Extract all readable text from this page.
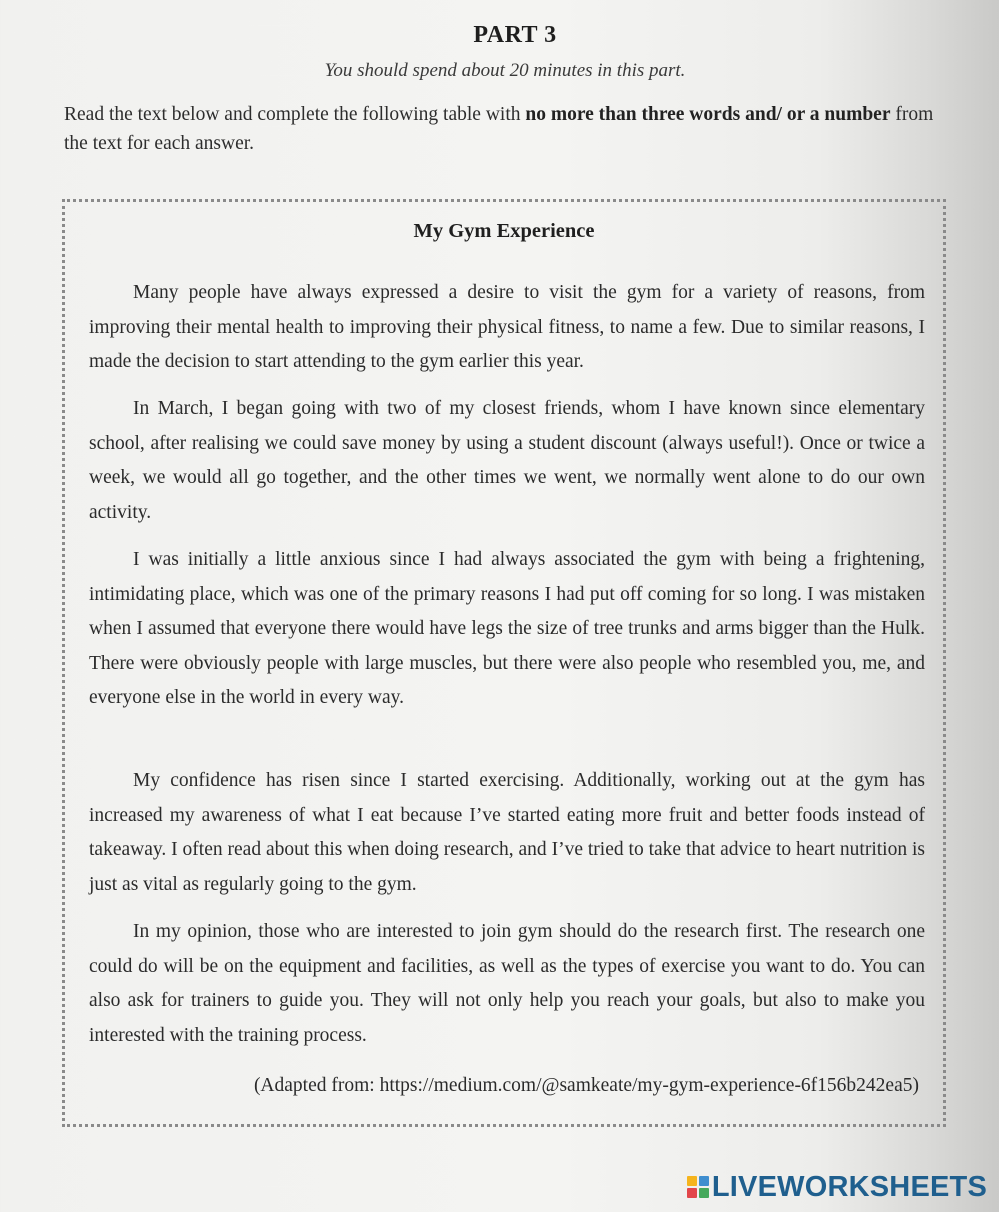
PART 3
You should spend about 20 minutes in this part.
Read the text below and complete the following table with no more than three words and/ or a number from the text for each answer.
My Gym Experience

Many people have always expressed a desire to visit the gym for a variety of reasons, from improving their mental health to improving their physical fitness, to name a few. Due to similar reasons, I made the decision to start attending to the gym earlier this year.

In March, I began going with two of my closest friends, whom I have known since elementary school, after realising we could save money by using a student discount (always useful!). Once or twice a week, we would all go together, and the other times we went, we normally went alone to do our own activity.

I was initially a little anxious since I had always associated the gym with being a frightening, intimidating place, which was one of the primary reasons I had put off coming for so long. I was mistaken when I assumed that everyone there would have legs the size of tree trunks and arms bigger than the Hulk. There were obviously people with large muscles, but there were also people who resembled you, me, and everyone else in the world in every way.

My confidence has risen since I started exercising. Additionally, working out at the gym has increased my awareness of what I eat because I’ve started eating more fruit and better foods instead of takeaway. I often read about this when doing research, and I’ve tried to take that advice to heart nutrition is just as vital as regularly going to the gym.

In my opinion, those who are interested to join gym should do the research first. The research one could do will be on the equipment and facilities, as well as the types of exercise you want to do. You can also ask for trainers to guide you. They will not only help you reach your goals, but also to make you interested with the training process.

(Adapted from: https://medium.com/@samkeate/my-gym-experience-6f156b242ea5)
LIVEWORKSHEETS
